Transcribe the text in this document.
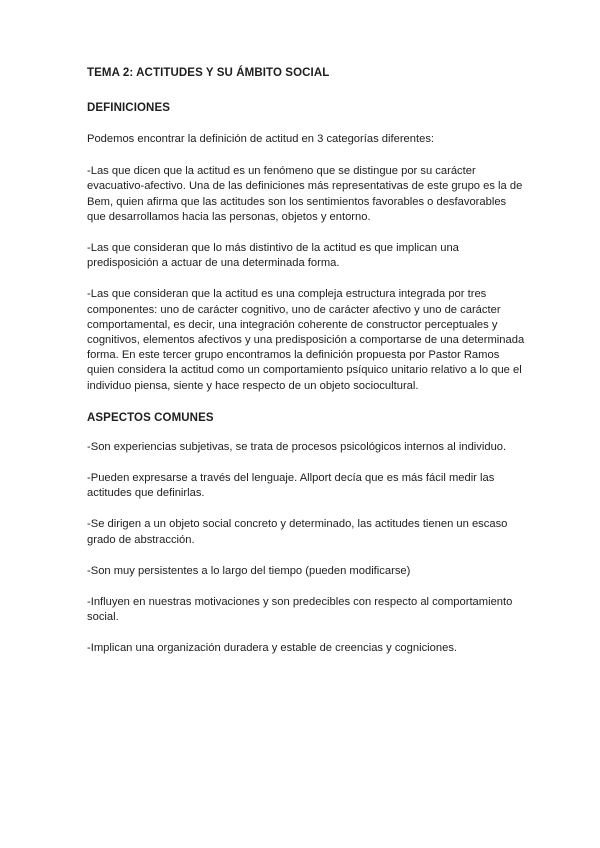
TEMA 2: ACTITUDES Y SU ÁMBITO SOCIAL
DEFINICIONES

Podemos encontrar la definición de actitud en 3 categorías diferentes:

-Las que dicen que la actitud es un fenómeno que se distingue por su carácter evacuativo-afectivo. Una de las definiciones más representativas de este grupo es la de Bem, quien afirma que las actitudes son los sentimientos favorables o desfavorables que desarrollamos hacia las personas, objetos y entorno.

-Las que consideran que lo más distintivo de la actitud es que implican una predisposición a actuar de una determinada forma.

-Las que consideran que la actitud es una compleja estructura integrada por tres componentes: uno de carácter cognitivo, uno de carácter afectivo y uno de carácter comportamental, es decir, una integración coherente de constructor perceptuales y cognitivos, elementos afectivos y una predisposición a comportarse de una determinada forma. En este tercer grupo encontramos la definición propuesta por Pastor Ramos quien considera la actitud como un comportamiento psíquico unitario relativo a lo que el individuo piensa, siente y hace respecto de un objeto sociocultural.

ASPECTOS COMUNES

-Son experiencias subjetivas, se trata de procesos psicológicos internos al individuo.

-Pueden expresarse a través del lenguaje. Allport decía que es más fácil medir las actitudes que definirlas.

-Se dirigen a un objeto social concreto y determinado, las actitudes tienen un escaso grado de abstracción.

-Son muy persistentes a lo largo del tiempo (pueden modificarse)

-Influyen en nuestras motivaciones y son predecibles con respecto al comportamiento social.

-Implican una organización duradera y estable de creencias y cogniciones.
